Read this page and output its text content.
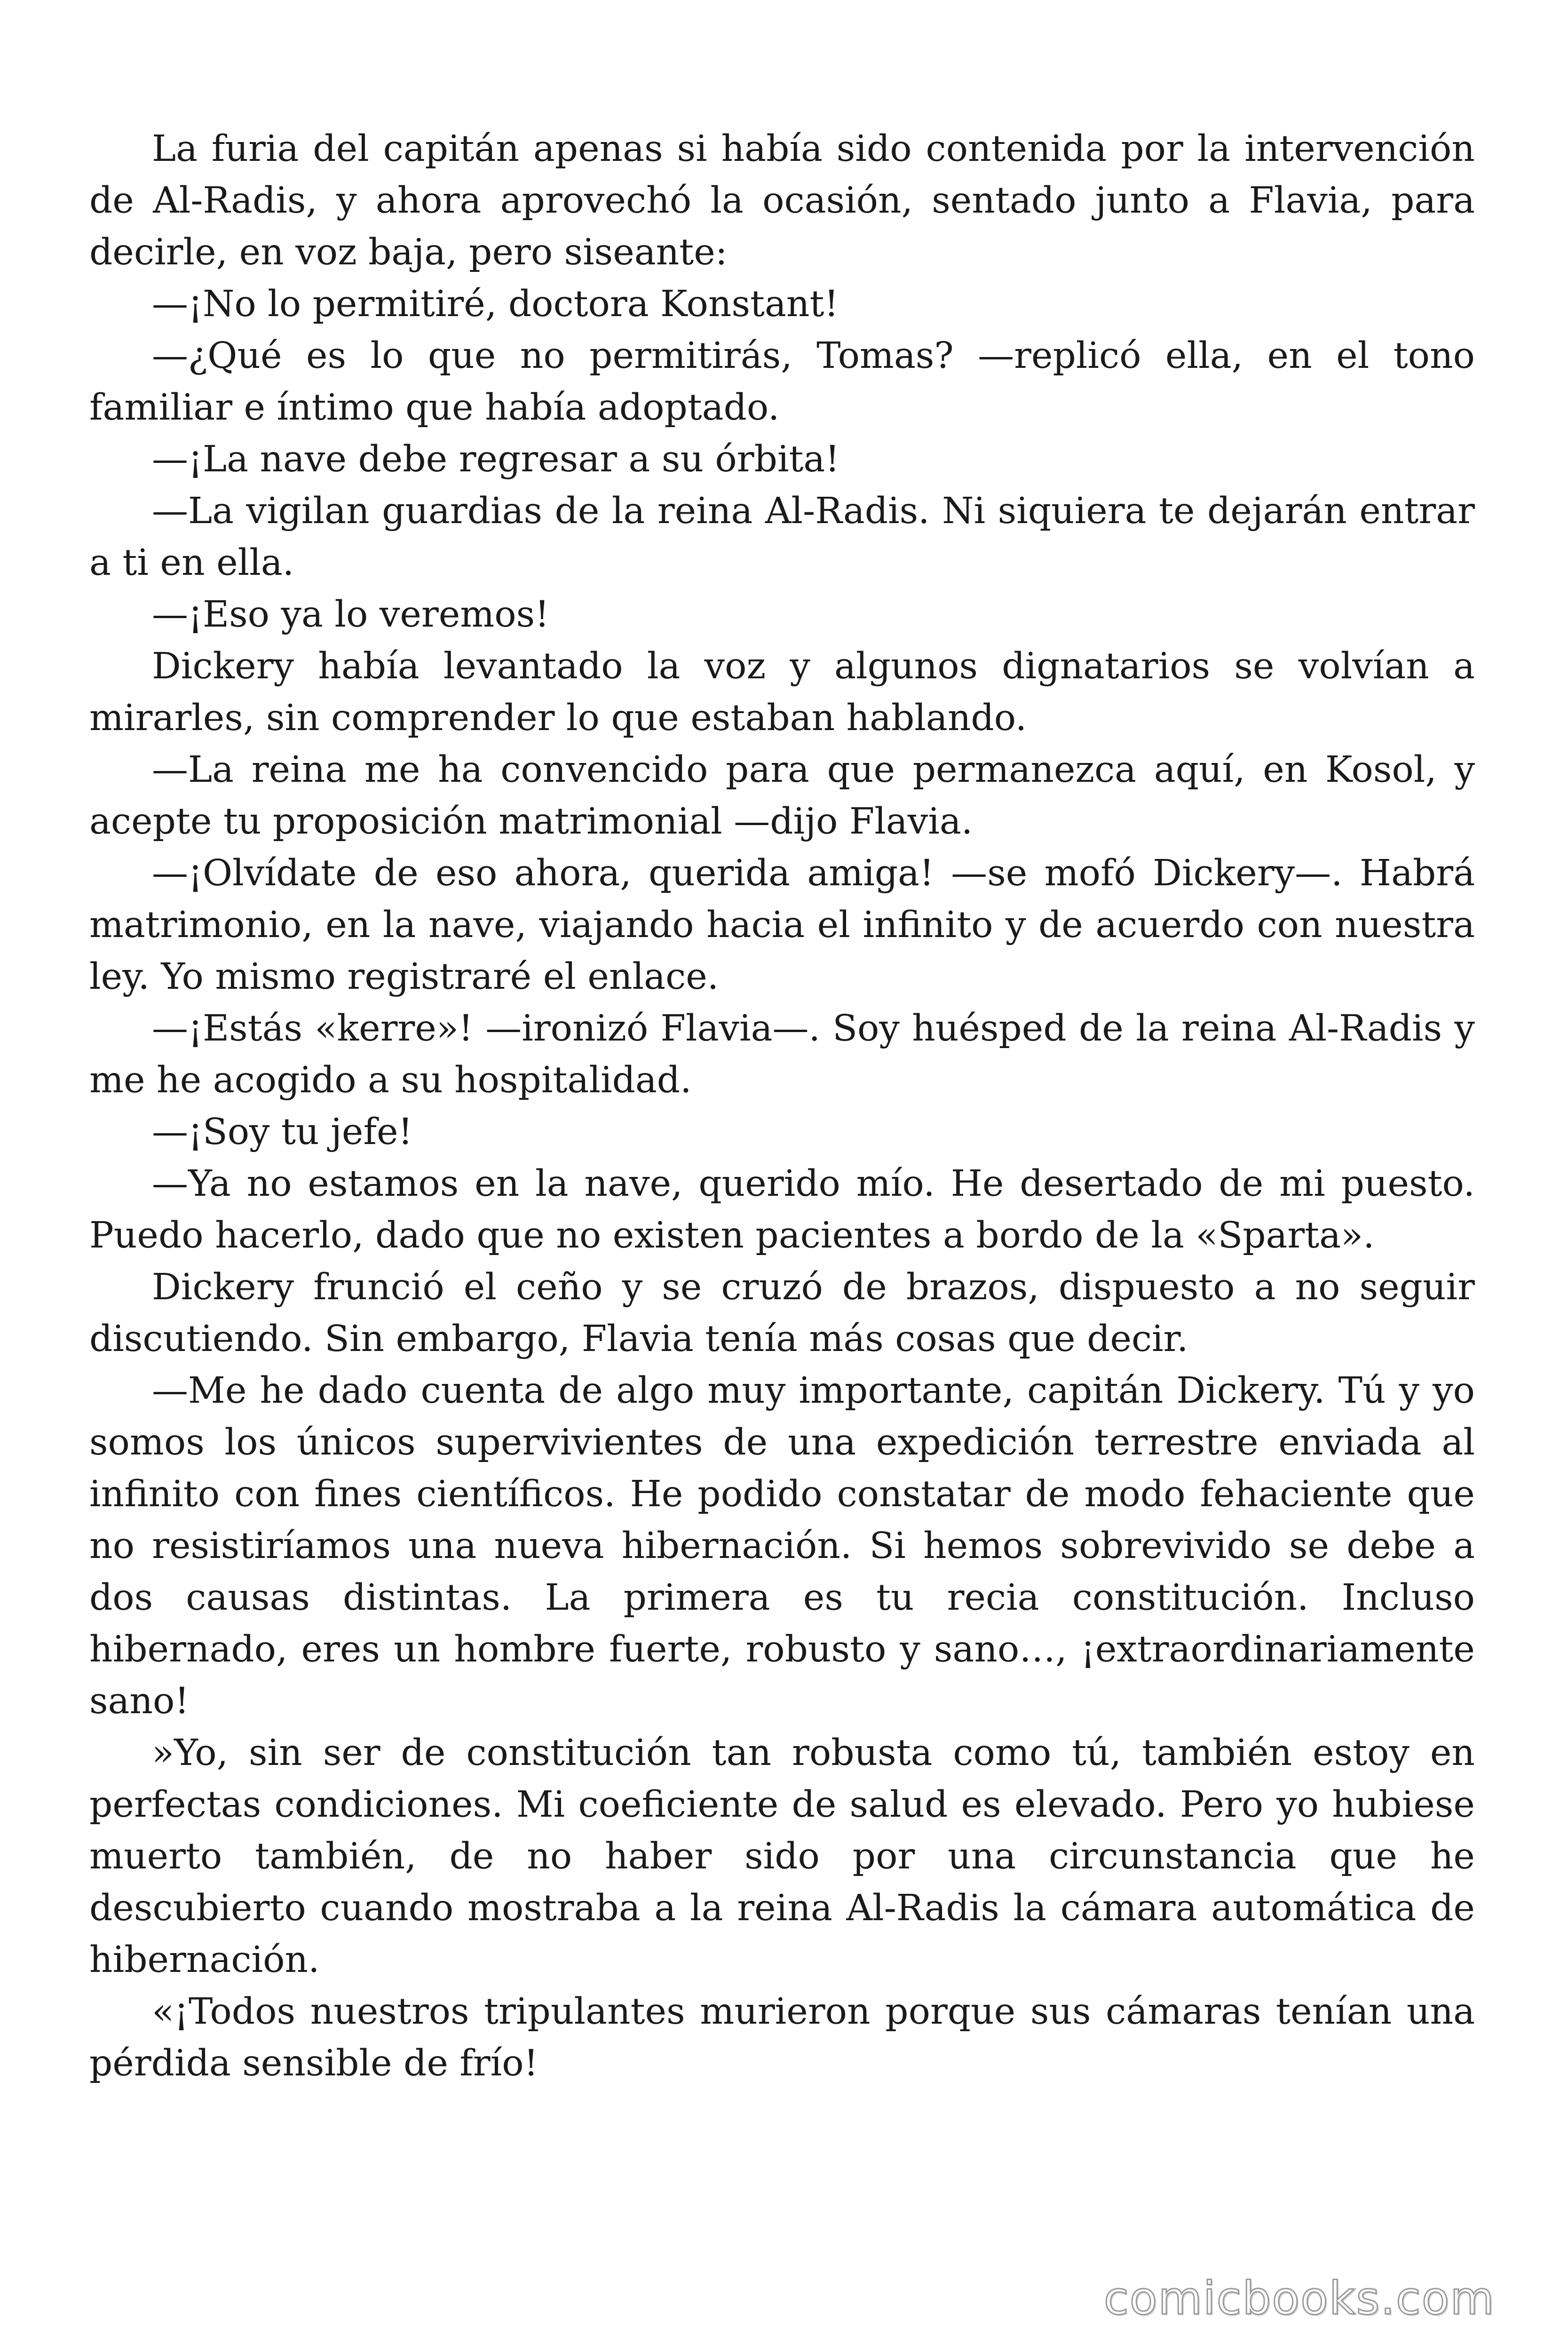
La furia del capitán apenas si había sido contenida por la intervención de Al-Radis, y ahora aprovechó la ocasión, sentado junto a Flavia, para decirle, en voz baja, pero siseante:

—¡No lo permitiré, doctora Konstant!

—¿Qué es lo que no permitirás, Tomas? —replicó ella, en el tono familiar e íntimo que había adoptado.

—¡La nave debe regresar a su órbita!

—La vigilan guardias de la reina Al-Radis. Ni siquiera te dejarán entrar a ti en ella.

—¡Eso ya lo veremos!

Dickery había levantado la voz y algunos dignatarios se volvían a mirarles, sin comprender lo que estaban hablando.

—La reina me ha convencido para que permanezca aquí, en Kosol, y acepte tu proposición matrimonial —dijo Flavia.

—¡Olvídate de eso ahora, querida amiga! —se mofó Dickery—. Habrá matrimonio, en la nave, viajando hacia el infinito y de acuerdo con nuestra ley. Yo mismo registraré el enlace.

—¡Estás «kerre»! —ironizó Flavia—. Soy huésped de la reina Al-Radis y me he acogido a su hospitalidad.

—¡Soy tu jefe!

—Ya no estamos en la nave, querido mío. He desertado de mi puesto. Puedo hacerlo, dado que no existen pacientes a bordo de la «Sparta».

Dickery frunció el ceño y se cruzó de brazos, dispuesto a no seguir discutiendo. Sin embargo, Flavia tenía más cosas que decir.

—Me he dado cuenta de algo muy importante, capitán Dickery. Tú y yo somos los únicos supervivientes de una expedición terrestre enviada al infinito con fines científicos. He podido constatar de modo fehaciente que no resistiríamos una nueva hibernación. Si hemos sobrevivido se debe a dos causas distintas. La primera es tu recia constitución. Incluso hibernado, eres un hombre fuerte, robusto y sano…, ¡extraordinariamente sano!

»Yo, sin ser de constitución tan robusta como tú, también estoy en perfectas condiciones. Mi coeficiente de salud es elevado. Pero yo hubiese muerto también, de no haber sido por una circunstancia que he descubierto cuando mostraba a la reina Al-Radis la cámara automática de hibernación.

«¡Todos nuestros tripulantes murieron porque sus cámaras tenían una pérdida sensible de frío!

comicbooks.com
